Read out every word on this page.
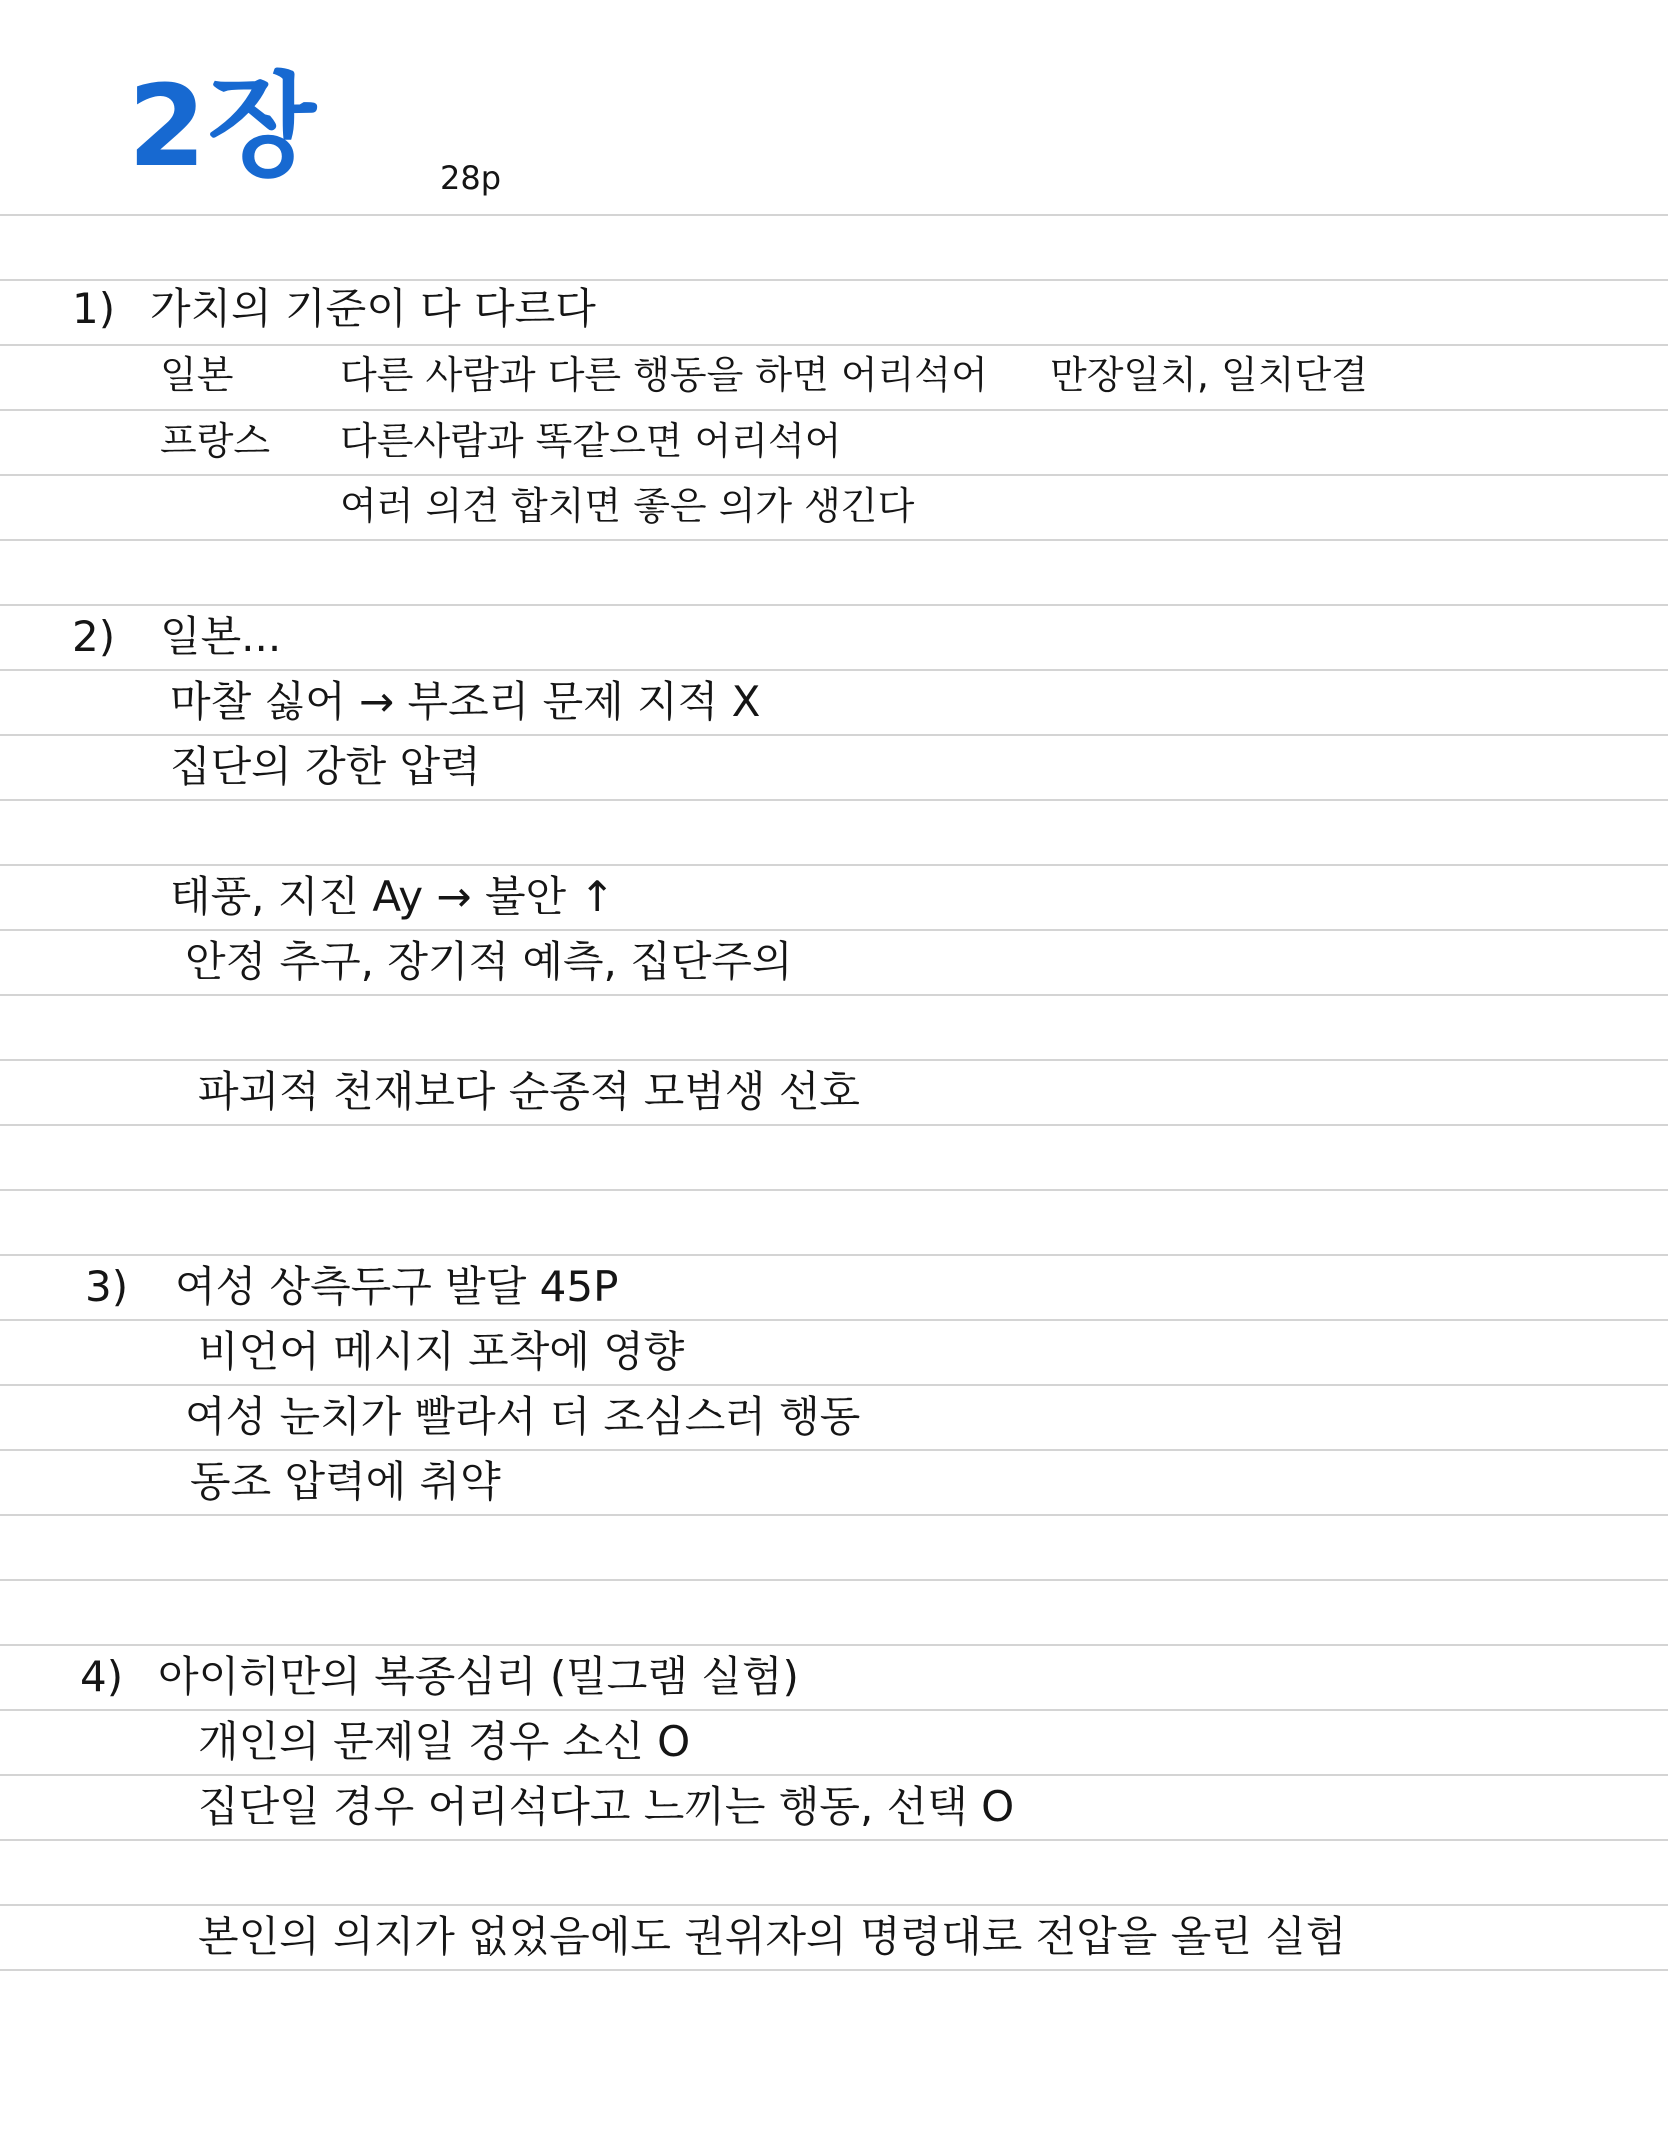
2장	28p
1) 가치의 기준이 다 다르다
일본	다른 사람과 다른 행동을 하면 어리석어 만장일치, 일치단결
프랑스 다른사람과 똑같으면 어리석어
여러 의견 합치면 좋은 의가 생긴다
2) 일본...
마찰 싫어 → 부조리 문제 지적 X
집단의 강한 압력
태풍, 지진 Ay → 불안 ↑
안정 추구, 장기적 예측, 집단주의
파괴적 천재보다 순종적 모범생 선호
3) 여성 상측두구 발달 45P
비언어 메시지 포착에 영향
여성 눈치가 빨라서 더 조심스러 행동
동조 압력에 취약
4) 아이히만의 복종심리 (밀그램 실험)
개인의 문제일 경우 소신 O
집단일 경우 어리석다고 느끼는 행동, 선택 O
본인의 의지가 없었음에도 권위자의 명령대로 전압을 올린 실험
